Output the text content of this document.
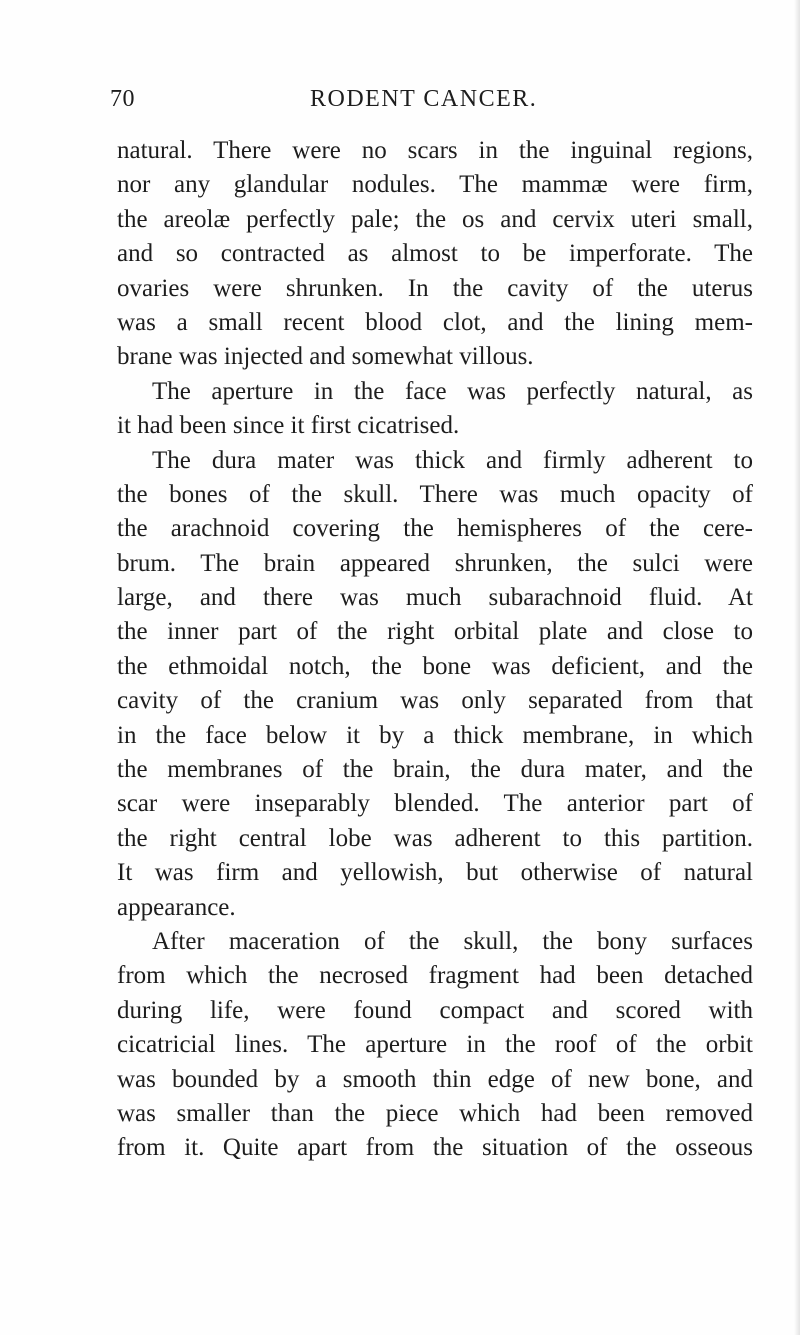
70	RODENT CANCER.
natural. There were no scars in the inguinal regions,
nor any glandular nodules. The mammæ were firm,
the areolæ perfectly pale; the os and cervix uteri small,
and so contracted as almost to be imperforate. The
ovaries were shrunken. In the cavity of the uterus
was a small recent blood clot, and the lining mem-
brane was injected and somewhat villous.
The aperture in the face was perfectly natural, as
it had been since it first cicatrised.
The dura mater was thick and firmly adherent to
the bones of the skull. There was much opacity of
the arachnoid covering the hemispheres of the cere-
brum. The brain appeared shrunken, the sulci were
large, and there was much subarachnoid fluid. At
the inner part of the right orbital plate and close to
the ethmoidal notch, the bone was deficient, and the
cavity of the cranium was only separated from that
in the face below it by a thick membrane, in which
the membranes of the brain, the dura mater, and the
scar were inseparably blended. The anterior part of
the right central lobe was adherent to this partition.
It was firm and yellowish, but otherwise of natural
appearance.
After maceration of the skull, the bony surfaces
from which the necrosed fragment had been detached
during life, were found compact and scored with
cicatricial lines. The aperture in the roof of the orbit
was bounded by a smooth thin edge of new bone, and
was smaller than the piece which had been removed
from it. Quite apart from the situation of the osseous
